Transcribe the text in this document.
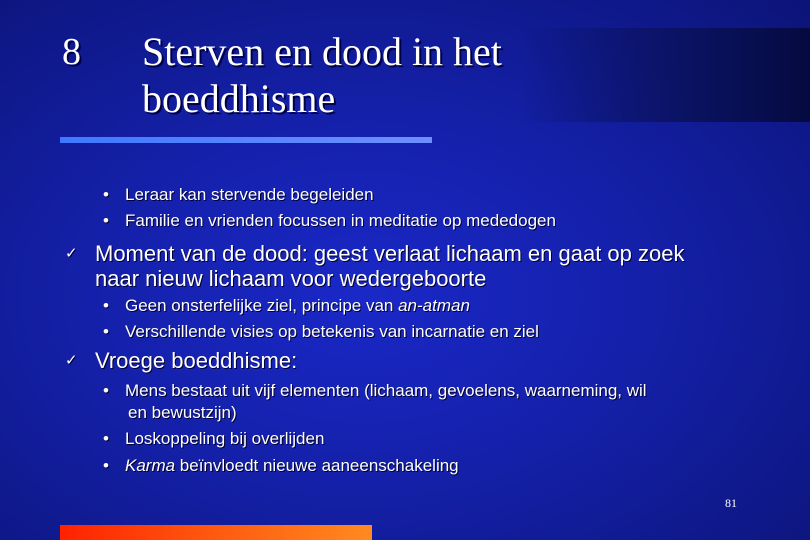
8 Sterven en dood in het
boeddhisme
• Leraar kan stervende begeleiden
• Familie en vrienden focussen in meditatie op mededogen
✓ Moment van de dood: geest verlaat lichaam en gaat op zoek
naar nieuw lichaam voor wedergeboorte
• Geen onsterfelijke ziel, principe van an-atman
• Verschillende visies op betekenis van incarnatie en ziel
✓ Vroege boeddhisme:
• Mens bestaat uit vijf elementen (lichaam, gevoelens, waarneming, wil
en bewustzijn)
• Loskoppeling bij overlijden
• Karma beïnvloedt nieuwe aaneenschakeling
81
